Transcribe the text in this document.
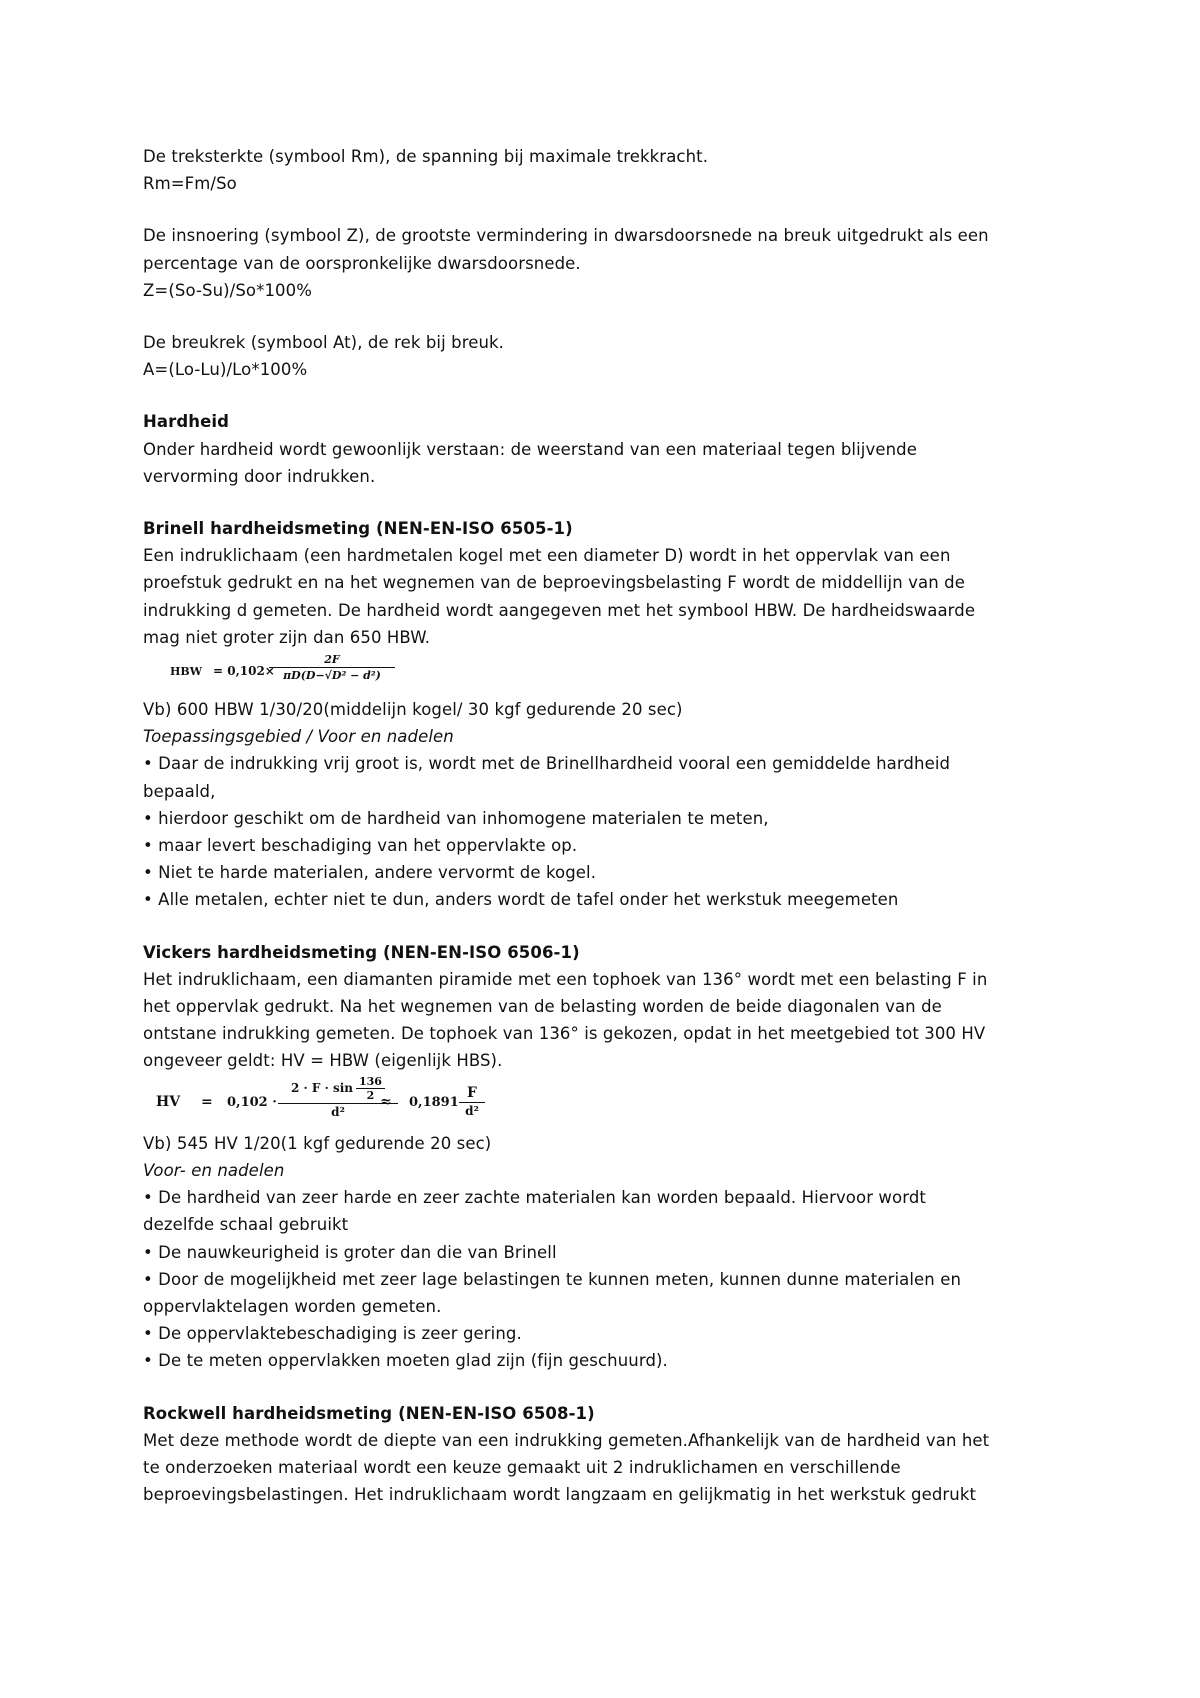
De treksterkte (symbool Rm), de spanning bij maximale trekkracht.
Rm=Fm/So
De insnoering (symbool Z), de grootste vermindering in dwarsdoorsnede na breuk uitgedrukt als een
percentage van de oorspronkelijke dwarsdoorsnede.
Z=(So-Su)/So*100%
De breukrek (symbool At), de rek bij breuk.
A=(Lo-Lu)/Lo*100%
Hardheid
Onder hardheid wordt gewoonlijk verstaan: de weerstand van een materiaal tegen blijvende
vervorming door indrukken.
Brinell hardheidsmeting (NEN-EN-ISO 6505-1)
Een indruklichaam (een hardmetalen kogel met een diameter D) wordt in het oppervlak van een
proefstuk gedrukt en na het wegnemen van de beproevingsbelasting F wordt de middellijn van de
indrukking d gemeten. De hardheid wordt aangegeven met het symbool HBW. De hardheidswaarde
mag niet groter zijn dan 650 HBW.
HBW = 0,102×
2F
πD(D−√D² − d²)
Vb) 600 HBW 1/30/20(middelijn kogel/ 30 kgf gedurende 20 sec)
Toepassingsgebied / Voor en nadelen
• Daar de indrukking vrij groot is, wordt met de Brinellhardheid vooral een gemiddelde hardheid
bepaald,
• hierdoor geschikt om de hardheid van inhomogene materialen te meten,
• maar levert beschadiging van het oppervlakte op.
• Niet te harde materialen, andere vervormt de kogel.
• Alle metalen, echter niet te dun, anders wordt de tafel onder het werkstuk meegemeten
Vickers hardheidsmeting (NEN-EN-ISO 6506-1)
Het indruklichaam, een diamanten piramide met een tophoek van 136° wordt met een belasting F in
het oppervlak gedrukt. Na het wegnemen van de belasting worden de beide diagonalen van de
ontstane indrukking gemeten. De tophoek van 136° is gekozen, opdat in het meetgebied tot 300 HV
ongeveer geldt: HV = HBW (eigenlijk HBS).
HV = 0,102 ·
$2 \cdot F \cdot \sin \frac{136}{2}$
d²
≈ 0,1891
F
d²
Vb) 545 HV 1/20(1 kgf gedurende 20 sec)
Voor- en nadelen
• De hardheid van zeer harde en zeer zachte materialen kan worden bepaald. Hiervoor wordt
dezelfde schaal gebruikt
• De nauwkeurigheid is groter dan die van Brinell
• Door de mogelijkheid met zeer lage belastingen te kunnen meten, kunnen dunne materialen en
oppervlaktelagen worden gemeten.
• De oppervlaktebeschadiging is zeer gering.
• De te meten oppervlakken moeten glad zijn (fijn geschuurd).
Rockwell hardheidsmeting (NEN-EN-ISO 6508-1)
Met deze methode wordt de diepte van een indrukking gemeten.Afhankelijk van de hardheid van het
te onderzoeken materiaal wordt een keuze gemaakt uit 2 indruklichamen en verschillende
beproevingsbelastingen. Het indruklichaam wordt langzaam en gelijkmatig in het werkstuk gedrukt
